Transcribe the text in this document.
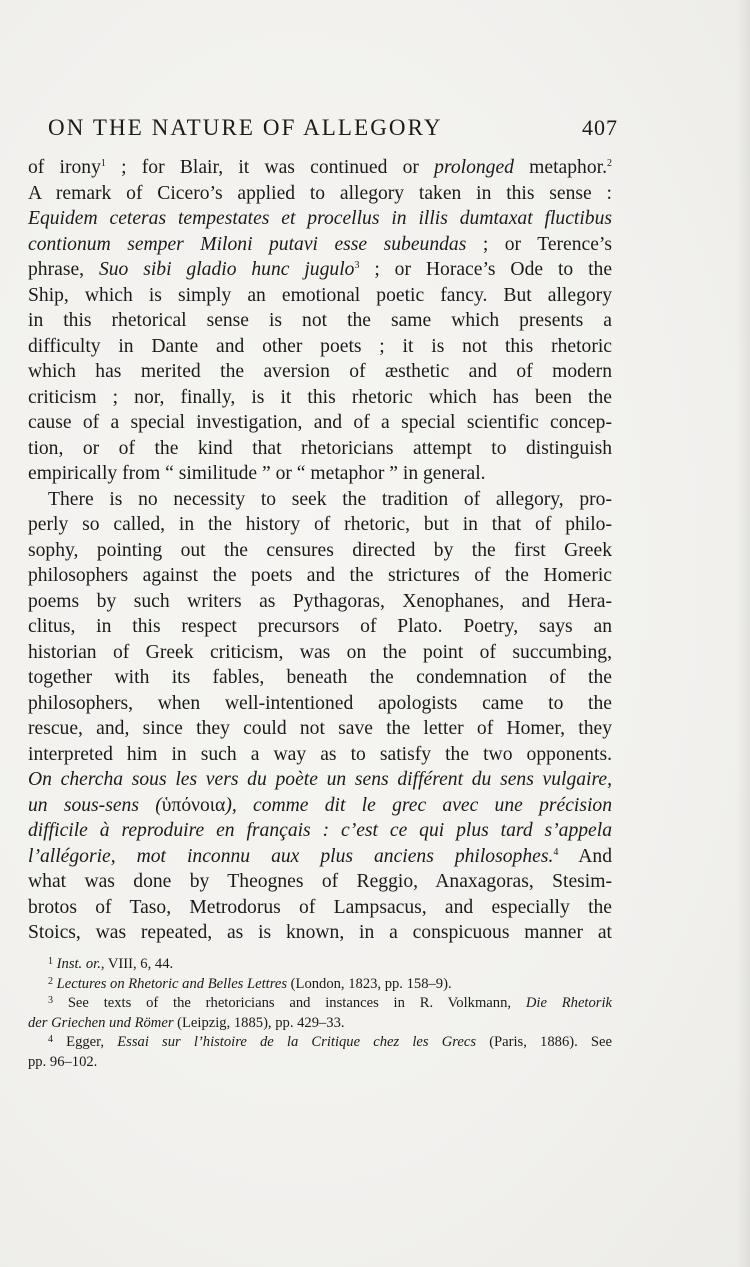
ON THE NATURE OF ALLEGORY	407
of irony$^1$ ; for Blair, it was continued or prolonged metaphor.$^2$
A remark of Cicero’s applied to allegory taken in this sense :
Equidem ceteras tempestates et procellus in illis dumtaxat fluctibus
contionum semper Miloni putavi esse subeundas ; or Terence’s
phrase, Suo sibi gladio hunc jugulo$^3$ ; or Horace’s Ode to the
Ship, which is simply an emotional poetic fancy. But allegory
in this rhetorical sense is not the same which presents a
difficulty in Dante and other poets ; it is not this rhetoric
which has merited the aversion of æsthetic and of modern
criticism ; nor, finally, is it this rhetoric which has been the
cause of a special investigation, and of a special scientific concep-
tion, or of the kind that rhetoricians attempt to distinguish
empirically from “ similitude ” or “ metaphor ” in general.
There is no necessity to seek the tradition of allegory, pro-
perly so called, in the history of rhetoric, but in that of philo-
sophy, pointing out the censures directed by the first Greek
philosophers against the poets and the strictures of the Homeric
poems by such writers as Pythagoras, Xenophanes, and Hera-
clitus, in this respect precursors of Plato. Poetry, says an
historian of Greek criticism, was on the point of succumbing,
together with its fables, beneath the condemnation of the
philosophers, when well-intentioned apologists came to the
rescue, and, since they could not save the letter of Homer, they
interpreted him in such a way as to satisfy the two opponents.
On chercha sous les vers du poète un sens différent du sens vulgaire,
un sous-sens (ὑπόνοια), comme dit le grec avec une précision
difficile à reproduire en français : c’est ce qui plus tard s’appela
l’allégorie, mot inconnu aux plus anciens philosophes.$^4$ And
what was done by Theognes of Reggio, Anaxagoras, Stesim-
brotos of Taso, Metrodorus of Lampsacus, and especially the
Stoics, was repeated, as is known, in a conspicuous manner at
$^1$ Inst. or., VIII, 6, 44.
$^2$ Lectures on Rhetoric and Belles Lettres (London, 1823, pp. 158–9).
$^3$ See texts of the rhetoricians and instances in R. Volkmann, Die Rhetorik
der Griechen und Römer (Leipzig, 1885), pp. 429–33.
$^4$ Egger, Essai sur l’histoire de la Critique chez les Grecs (Paris, 1886). See
pp. 96–102.
